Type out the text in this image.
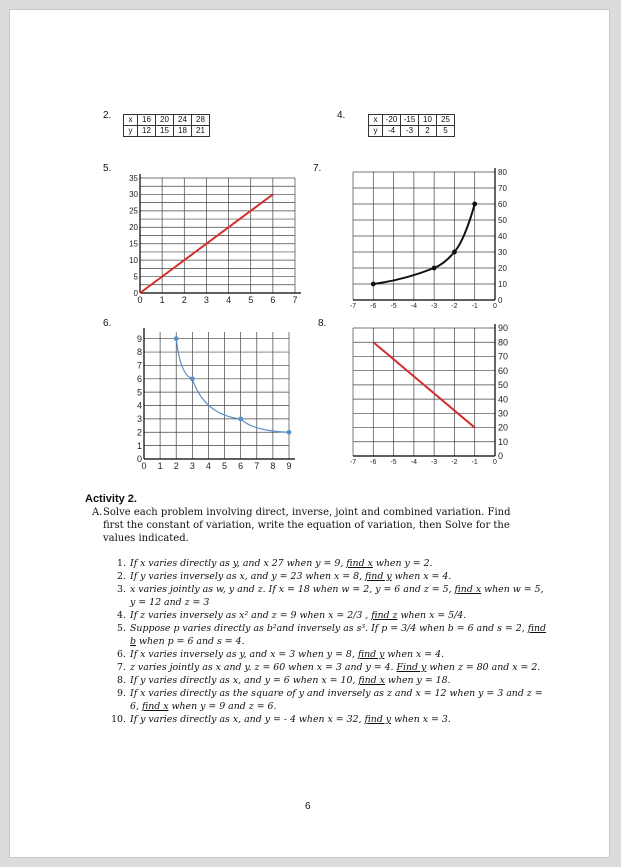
2.	4.
5.	7.
6.	8.
x	16	20	24	28
y	12	15	18	21
x	-20	-15	10	25
y	-4	-3	2	5
0 1 2 3 4 5 6 7
0
5
10
15
20
25
30
35
-7 -6 -5 -4 -3 -2 -1 0
0
10
20
30
40
50
60
70
80
0 1 2 3 4 5 6 7 8 9
0
1
2
3
4
5
6
7
8
9
-7 -6 -5 -4 -3 -2 -1 0
0
10
20
30
40
50
60
70
80
90
Activity 2.
A.Solve each problem involving direct, inverse, joint and combined variation. Find first the constant of variation, write the equation of variation, then Solve for the values indicated.
1. If x varies directly as y, and x 27 when y = 9, find x when y = 2.
2. If y varies inversely as x, and y = 23 when x = 8, find y when x = 4.
3. x varies jointly as w, y and z. If x = 18 when w = 2, y = 6 and z = 5, find x when w = 5, y = 12 and z = 3
4. If z varies inversely as x² and z = 9 when x = 2/3 , find z when x = 5/4.
5. Suppose p varies directly as b²and inversely as s³. If p = 3/4 when b = 6 and s = 2, find b when p = 6 and s = 4.
6. If x varies inversely as y, and x = 3 when y = 8, find y when x = 4.
7. z varies jointly as x and y. z = 60 when x = 3 and y = 4. Find y when z = 80 and x = 2.
8. If y varies directly as x, and y = 6 when x = 10, find x when y = 18.
9. If x varies directly as the square of y and inversely as z and x = 12 when y = 3 and z = 6, find x when y = 9 and z = 6.
10. If y varies directly as x, and y = - 4 when x = 32, find y when x = 3.
6
